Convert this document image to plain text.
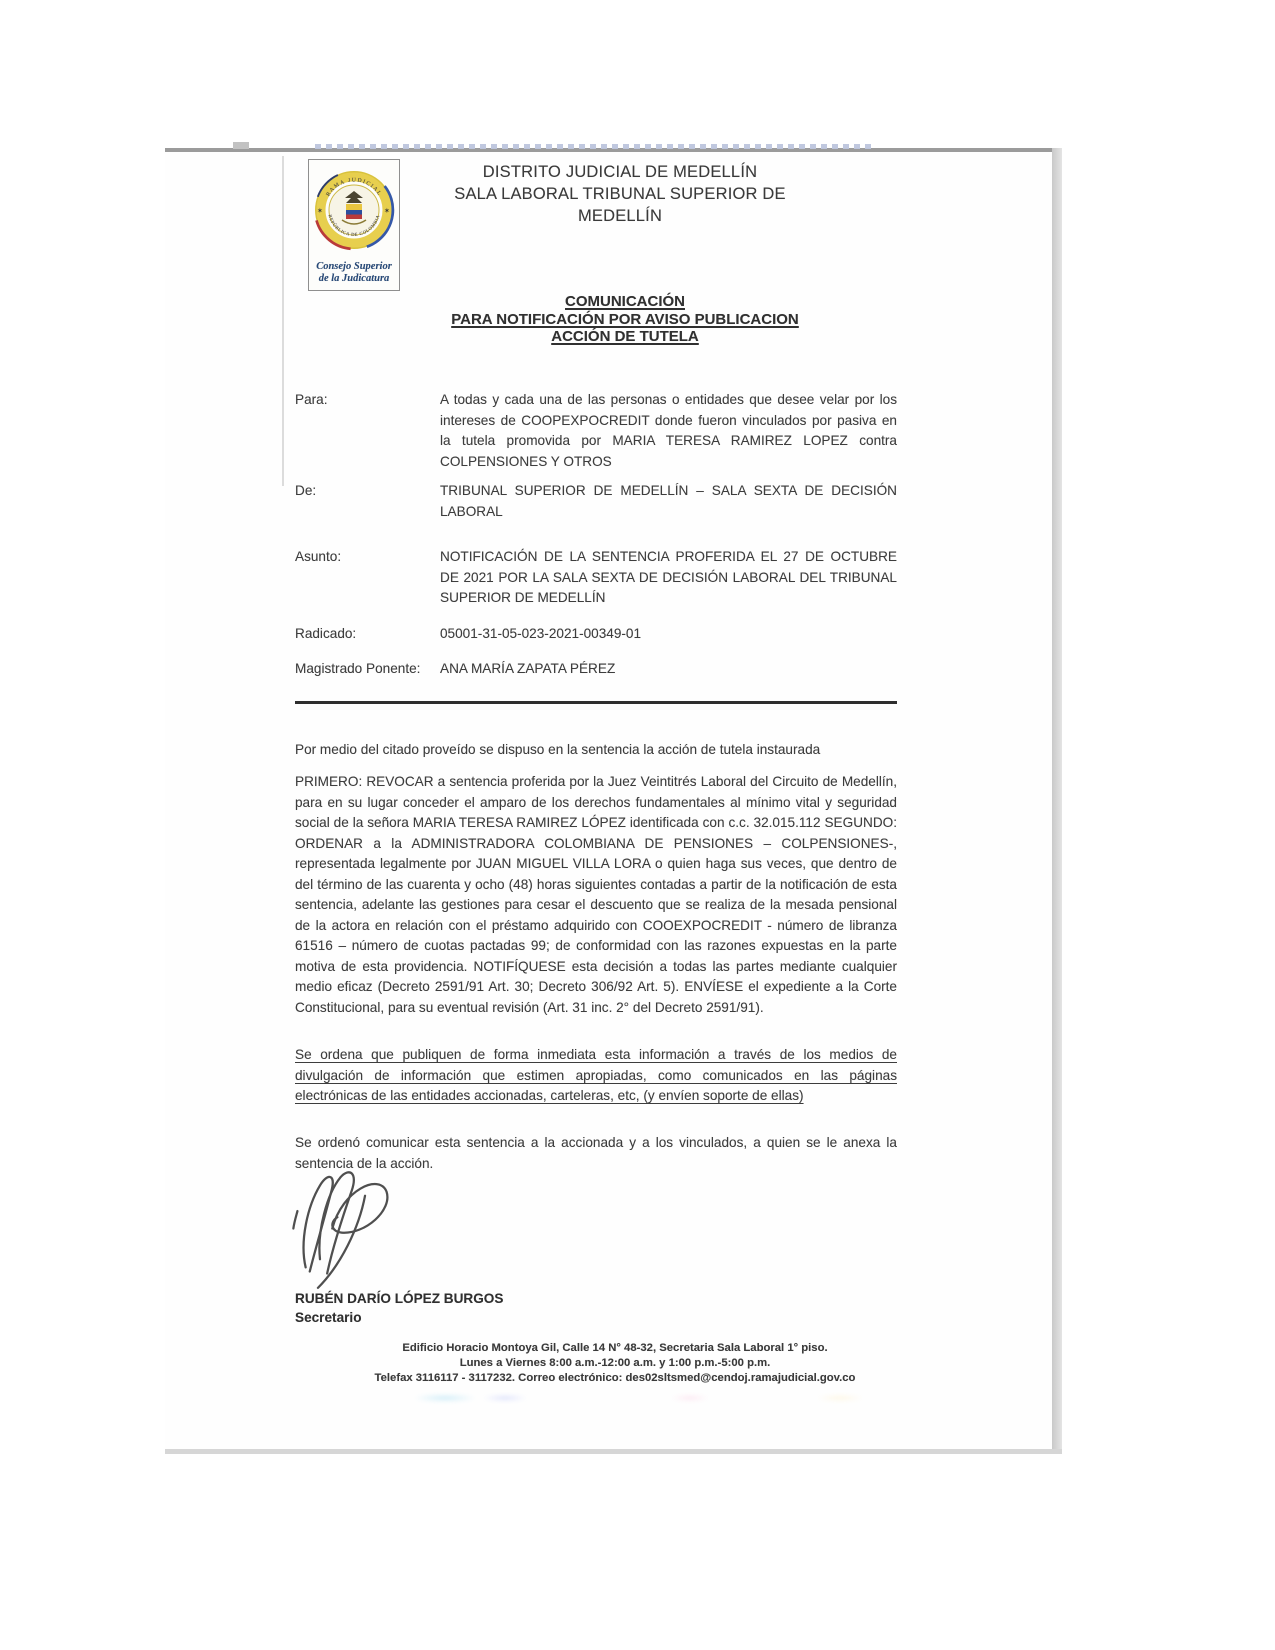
RAMA JUDICIAL
REPÚBLICA DE COLOMBIA
✶	✶
Consejo Superior
de la Judicatura
DISTRITO JUDICIAL DE MEDELLÍN
SALA LABORAL TRIBUNAL SUPERIOR DE
MEDELLÍN
COMUNICACIÓN
PARA NOTIFICACIÓN POR AVISO PUBLICACION
ACCIÓN DE TUTELA
Para:	A todas y cada una de las personas o entidades que desee velar por los intereses de COOPEXPOCREDIT donde fueron vinculados por pasiva en la tutela promovida por MARIA TERESA RAMIREZ LOPEZ contra COLPENSIONES Y OTROS
De:	TRIBUNAL SUPERIOR DE MEDELLÍN – SALA SEXTA DE DECISIÓN LABORAL
Asunto:	NOTIFICACIÓN DE LA SENTENCIA PROFERIDA EL 27 DE OCTUBRE DE 2021 POR LA SALA SEXTA DE DECISIÓN LABORAL DEL TRIBUNAL SUPERIOR DE MEDELLÍN
Radicado:	05001-31-05-023-2021-00349-01
Magistrado Ponente:	ANA MARÍA ZAPATA PÉREZ
Por medio del citado proveído se dispuso en la sentencia la acción de tutela instaurada
PRIMERO: REVOCAR a sentencia proferida por la Juez Veintitrés Laboral del Circuito de Medellín, para en su lugar conceder el amparo de los derechos fundamentales al mínimo vital y seguridad social de la señora MARIA TERESA RAMIREZ LÓPEZ identificada con c.c. 32.015.112 SEGUNDO: ORDENAR a la ADMINISTRADORA COLOMBIANA DE PENSIONES – COLPENSIONES-, representada legalmente por JUAN MIGUEL VILLA LORA o quien haga sus veces, que dentro de del término de las cuarenta y ocho (48) horas siguientes contadas a partir de la notificación de esta sentencia, adelante las gestiones para cesar el descuento que se realiza de la mesada pensional de la actora en relación con el préstamo adquirido con COOEXPOCREDIT - número de libranza 61516 – número de cuotas pactadas 99; de conformidad con las razones expuestas en la parte motiva de esta providencia. NOTIFÍQUESE esta decisión a todas las partes mediante cualquier medio eficaz (Decreto 2591/91 Art. 30; Decreto 306/92 Art. 5). ENVÍESE el expediente a la Corte Constitucional, para su eventual revisión (Art. 31 inc. 2° del Decreto 2591/91).
Se ordena que publiquen de forma inmediata esta información a través de los medios de divulgación de información que estimen apropiadas, como comunicados en las páginas electrónicas de las entidades accionadas, carteleras, etc, (y envíen soporte de ellas)
Se ordenó comunicar esta sentencia a la accionada y a los vinculados, a quien se le anexa la sentencia de la acción.
RUBÉN DARÍO LÓPEZ BURGOS
Secretario
Edificio Horacio Montoya Gil, Calle 14 N° 48-32, Secretaria Sala Laboral 1° piso.
Lunes a Viernes 8:00 a.m.-12:00 a.m. y 1:00 p.m.-5:00 p.m.
Telefax 3116117 - 3117232. Correo electrónico: des02sltsmed@cendoj.ramajudicial.gov.co
